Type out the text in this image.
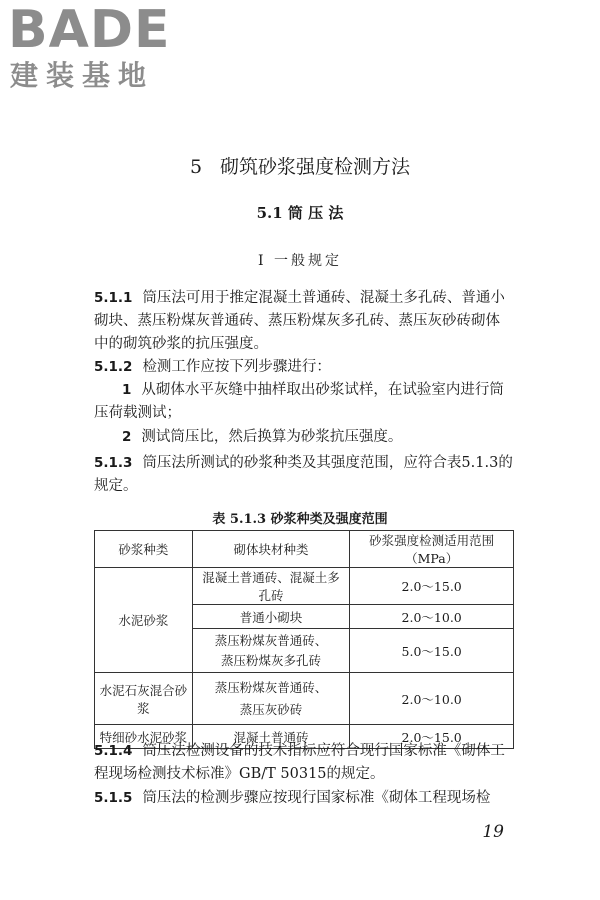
BADE
建装基地
5 砌筑砂浆强度检测方法
5.1 筒 压 法
Ⅰ 一般规定
5.1.1 筒压法可用于推定混凝土普通砖、混凝土多孔砖、普通小砌块、蒸压粉煤灰普通砖、蒸压粉煤灰多孔砖、蒸压灰砂砖砌体中的砌筑砂浆的抗压强度。
5.1.2 检测工作应按下列步骤进行：
1 从砌体水平灰缝中抽样取出砂浆试样，在试验室内进行筒压荷载测试；
2 测试筒压比，然后换算为砂浆抗压强度。
5.1.3 筒压法所测试的砂浆种类及其强度范围，应符合表5.1.3的规定。
表 5.1.3 砂浆种类及强度范围
砂浆种类	砌体块材种类	砂浆强度检测适用范围（MPa）
水泥砂浆	混凝土普通砖、混凝土多孔砖	2.0～15.0
	普通小砌块	2.0～10.0

	蒸压粉煤灰普通砖、
蒸压粉煤灰多孔砖	5.0～15.0
水泥石灰混合砂浆	蒸压粉煤灰普通砖、
蒸压灰砂砖	2.0～10.0
特细砂水泥砂浆	混凝土普通砖	2.0～15.0
5.1.4 筒压法检测设备的技术指标应符合现行国家标准《砌体工程现场检测技术标准》GB/T 50315的规定。
5.1.5 筒压法的检测步骤应按现行国家标准《砌体工程现场检
19
